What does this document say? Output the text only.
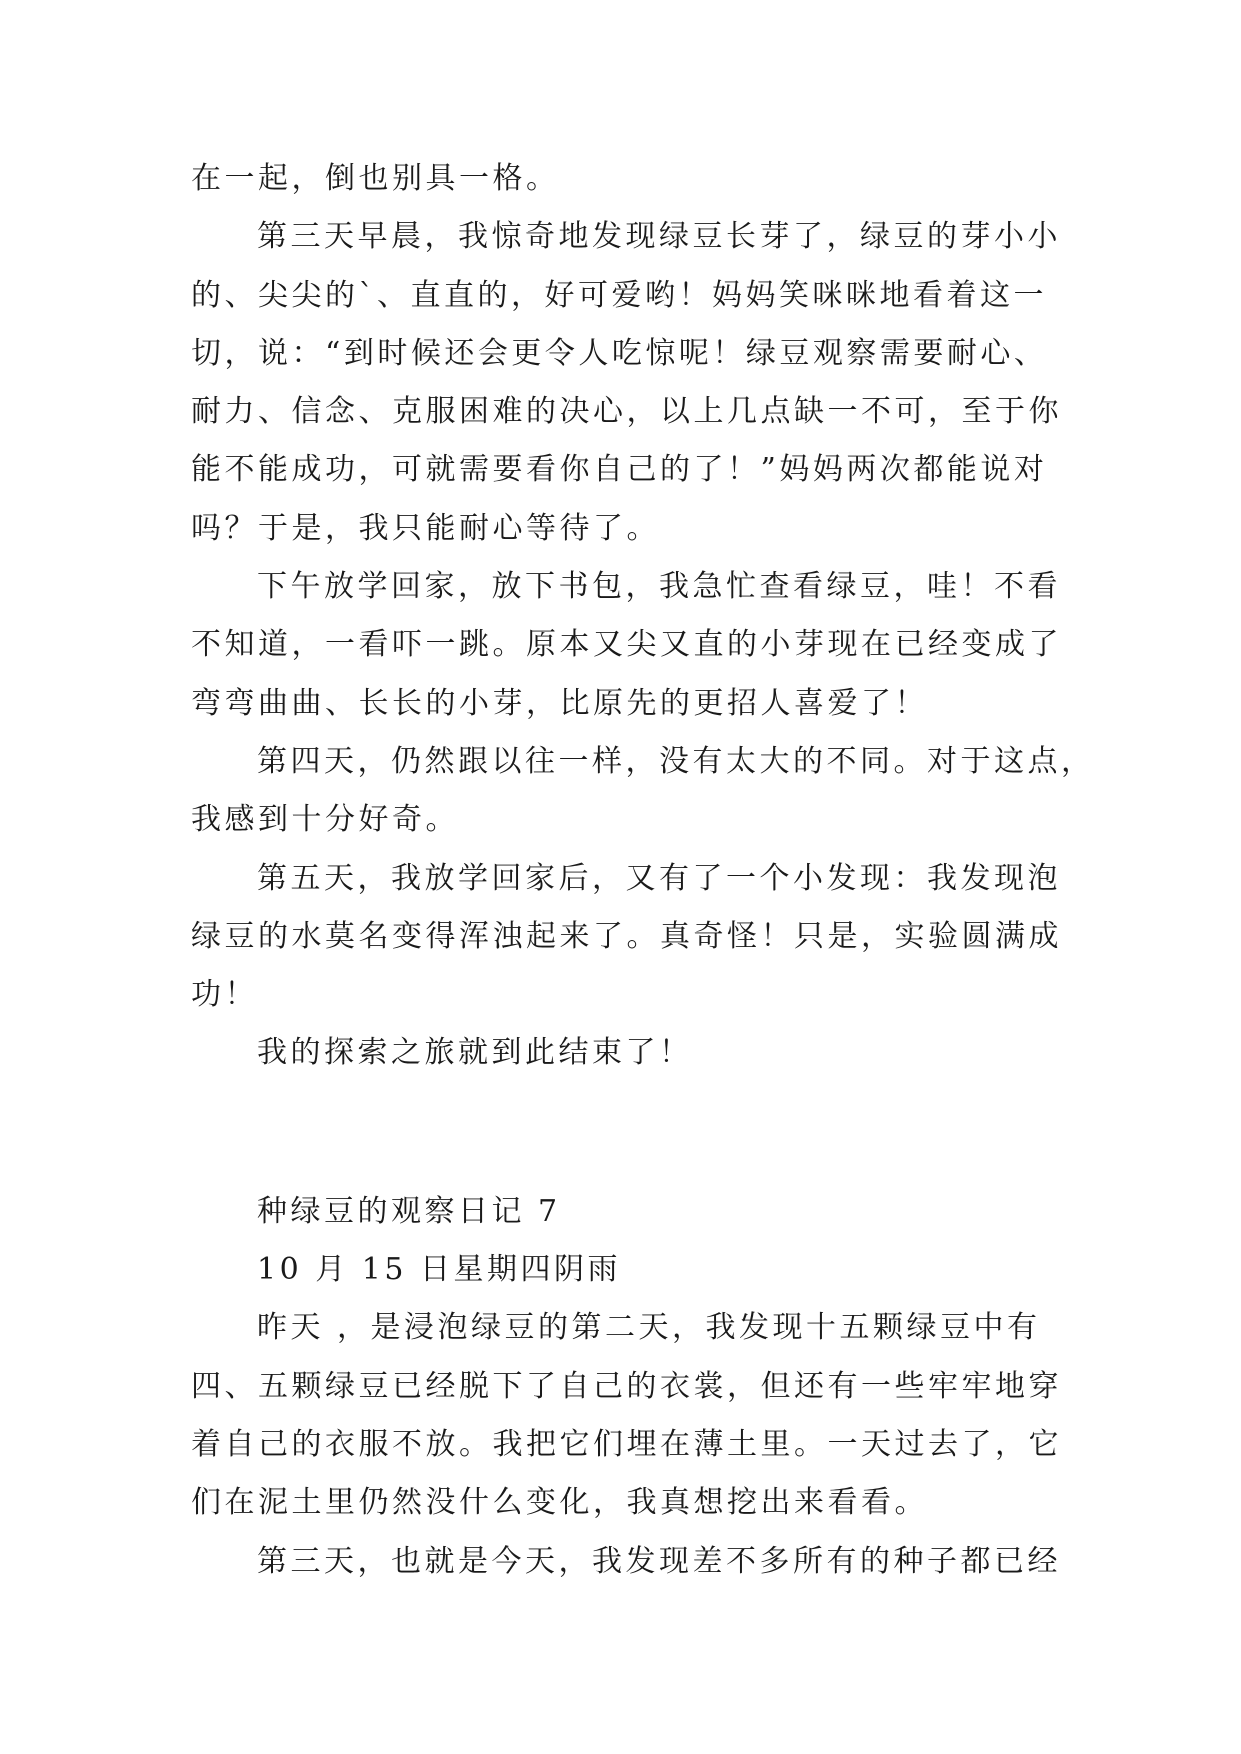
在一起，倒也别具一格。
第三天早晨，我惊奇地发现绿豆长芽了，绿豆的芽小小
的、尖尖的`、直直的，好可爱哟！妈妈笑咪咪地看着这一
切，说：“到时候还会更令人吃惊呢！绿豆观察需要耐心、
耐力、信念、克服困难的决心，以上几点缺一不可，至于你
能不能成功，可就需要看你自己的了！”妈妈两次都能说对
吗？于是，我只能耐心等待了。
下午放学回家，放下书包，我急忙查看绿豆，哇！不看
不知道，一看吓一跳。原本又尖又直的小芽现在已经变成了
弯弯曲曲、长长的小芽，比原先的更招人喜爱了！
第四天，仍然跟以往一样，没有太大的不同。对于这点，
我感到十分好奇。
第五天，我放学回家后，又有了一个小发现：我发现泡
绿豆的水莫名变得浑浊起来了。真奇怪！只是，实验圆满成
功！
我的探索之旅就到此结束了！
种绿豆的观察日记 7
10 月 15 日星期四阴雨
昨天 ，是浸泡绿豆的第二天，我发现十五颗绿豆中有
四、五颗绿豆已经脱下了自己的衣裳，但还有一些牢牢地穿
着自己的衣服不放。我把它们埋在薄土里。一天过去了，它
们在泥土里仍然没什么变化，我真想挖出来看看。
第三天，也就是今天，我发现差不多所有的种子都已经
